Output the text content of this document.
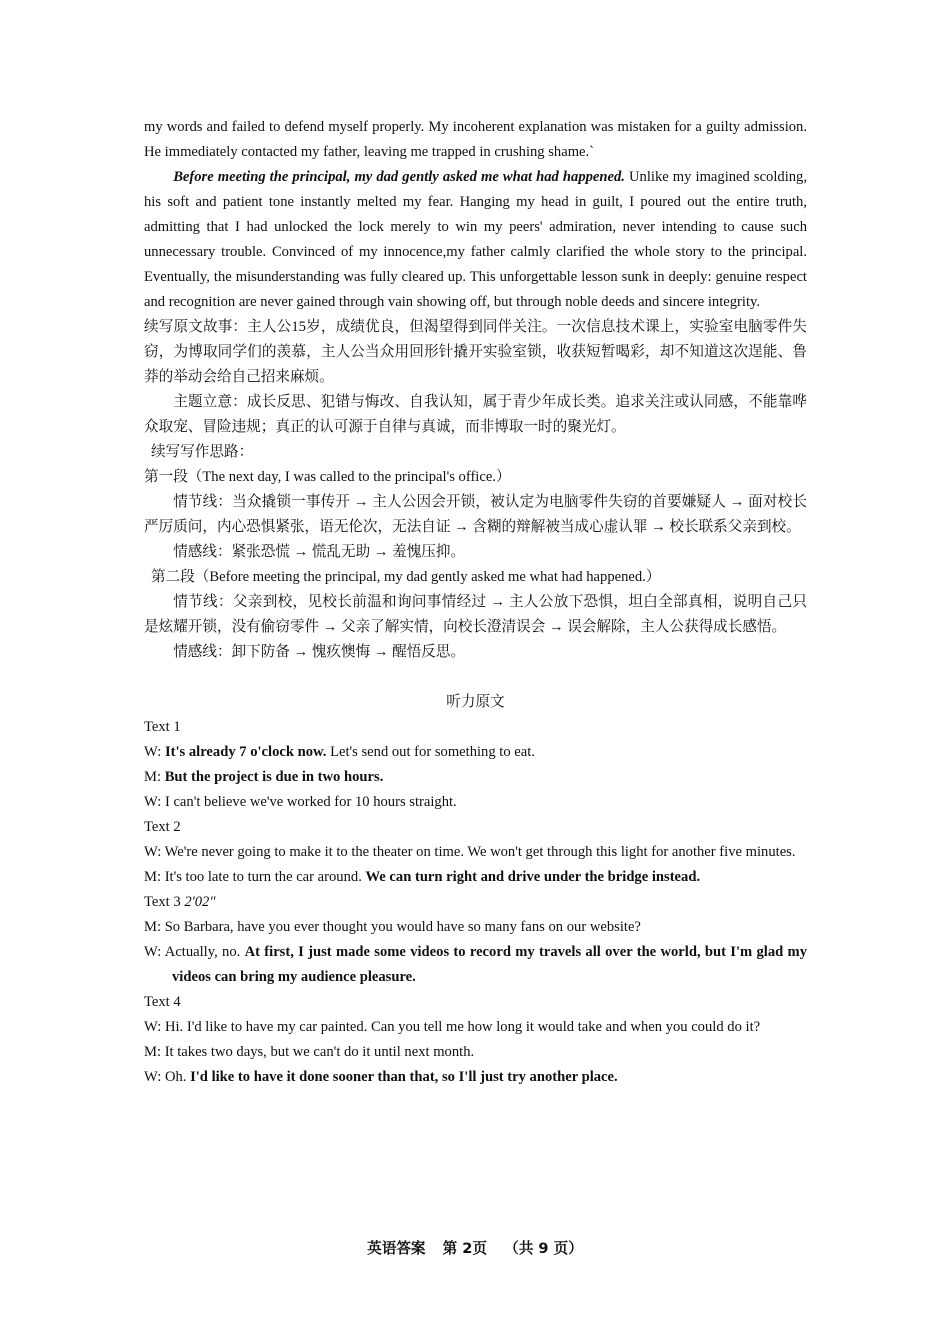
my words and failed to defend myself properly. My incoherent explanation was mistaken for a guilty admission. He immediately contacted my father, leaving me trapped in crushing shame.`

Before meeting the principal, my dad gently asked me what had happened. Unlike my imagined scolding, his soft and patient tone instantly melted my fear. Hanging my head in guilt, I poured out the entire truth, admitting that I had unlocked the lock merely to win my peers' admiration, never intending to cause such unnecessary trouble. Convinced of my innocence,my father calmly clarified the whole story to the principal. Eventually, the misunderstanding was fully cleared up. This unforgettable lesson sunk in deeply: genuine respect and recognition are never gained through vain showing off, but through noble deeds and sincere integrity.

续写原文故事：主人公15岁，成绩优良，但渴望得到同伴关注。一次信息技术课上，实验室电脑零件失窃，为博取同学们的羡慕，主人公当众用回形针撬开实验室锁，收获短暂喝彩，却不知道这次逞能、鲁莽的举动会给自己招来麻烦。

主题立意：成长反思、犯错与悔改、自我认知，属于青少年成长类。追求关注或认同感，不能靠哗众取宠、冒险违规；真正的认可源于自律与真诚，而非博取一时的聚光灯。

续写写作思路：

第一段（The next day, I was called to the principal's office.）

情节线：当众撬锁一事传开 → 主人公因会开锁，被认定为电脑零件失窃的首要嫌疑人 → 面对校长严厉质问，内心恐惧紧张，语无伦次，无法自证 → 含糊的辩解被当成心虚认罪 → 校长联系父亲到校。

情感线：紧张恐慌 → 慌乱无助 → 羞愧压抑。

第二段（Before meeting the principal, my dad gently asked me what had happened.）

情节线：父亲到校，见校长前温和询问事情经过 → 主人公放下恐惧，坦白全部真相，说明自己只是炫耀开锁，没有偷窃零件 → 父亲了解实情，向校长澄清误会 → 误会解除，主人公获得成长感悟。

情感线：卸下防备 → 愧疚懊悔 → 醒悟反思。

听力原文

Text 1

W: It's already 7 o'clock now. Let's send out for something to eat.

M: But the project is due in two hours.

W: I can't believe we've worked for 10 hours straight.

Text 2

W: We're never going to make it to the theater on time. We won't get through this light for another five minutes.

M: It's too late to turn the car around. We can turn right and drive under the bridge instead.

Text 3 2'02"

M: So Barbara, have you ever thought you would have so many fans on our website?

W: Actually, no. At first, I just made some videos to record my travels all over the world, but I'm glad my videos can bring my audience pleasure.

Text 4

W: Hi. I'd like to have my car painted. Can you tell me how long it would take and when you could do it?

M: It takes two days, but we can't do it until next month.

W: Oh. I'd like to have it done sooner than that, so I'll just try another place.

英语答案 第 2页 （共 9 页）
